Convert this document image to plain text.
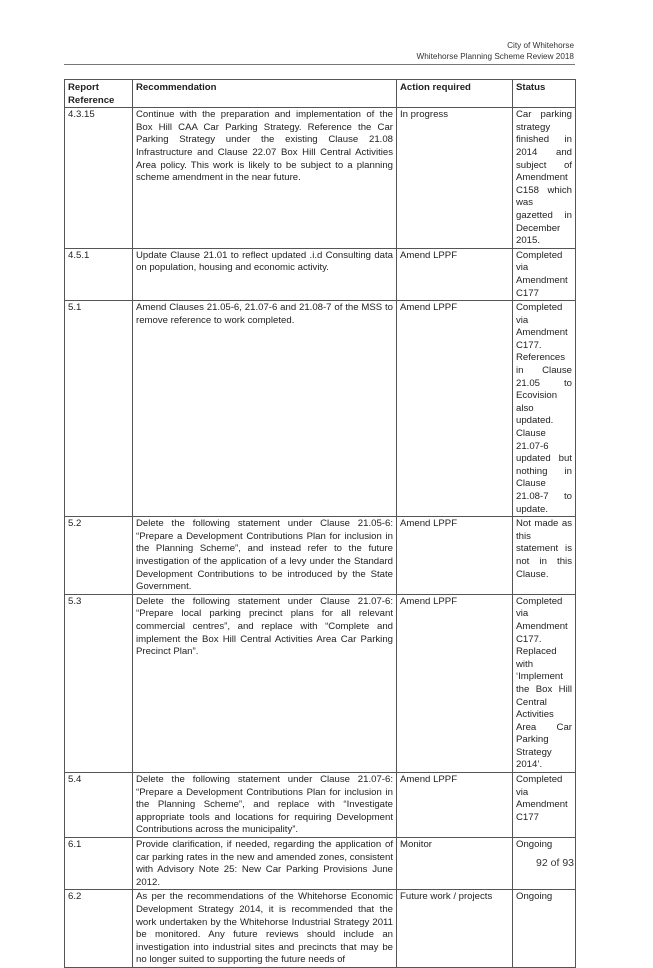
City of Whitehorse
Whitehorse Planning Scheme Review 2018
Report Reference	Recommendation	Action required	Status
4.3.15	Continue with the preparation and implementation of the Box Hill CAA Car Parking Strategy. Reference the Car Parking Strategy under the existing Clause 21.08 Infrastructure and Clause 22.07 Box Hill Central Activities Area policy. This work is likely to be subject to a planning scheme amendment in the near future.	In progress	Car parking strategy finished in 2014 and subject of Amendment C158 which was gazetted in December 2015.
4.5.1	Update Clause 21.01 to reflect updated .i.d Consulting data on population, housing and economic activity.	Amend LPPF	Completed via Amendment C177
5.1	Amend Clauses 21.05-6, 21.07-6 and 21.08-7 of the MSS to remove reference to work completed.	Amend LPPF	Completed via Amendment C177. References in Clause 21.05 to Ecovision also updated. Clause 21.07-6 updated but nothing in Clause 21.08-7 to update.
5.2	Delete the following statement under Clause 21.05-6: “Prepare a Development Contributions Plan for inclusion in the Planning Scheme”, and instead refer to the future investigation of the application of a levy under the Standard Development Contributions to be introduced by the State Government.	Amend LPPF	Not made as this statement is not in this Clause.
5.3	Delete the following statement under Clause 21.07-6: “Prepare local parking precinct plans for all relevant commercial centres”, and replace with “Complete and implement the Box Hill Central Activities Area Car Parking Precinct Plan”.	Amend LPPF	Completed via Amendment C177. Replaced with ‘Implement the Box Hill Central Activities Area Car Parking Strategy 2014’.
5.4	Delete the following statement under Clause 21.07-6: “Prepare a Development Contributions Plan for inclusion in the Planning Scheme”, and replace with “Investigate appropriate tools and locations for requiring Development Contributions across the municipality”.	Amend LPPF	Completed via Amendment C177
6.1	Provide clarification, if needed, regarding the application of car parking rates in the new and amended zones, consistent with Advisory Note 25: New Car Parking Provisions June 2012.	Monitor	Ongoing
6.2	As per the recommendations of the Whitehorse Economic Development Strategy 2014, it is recommended that the work undertaken by the Whitehorse Industrial Strategy 2011 be monitored. Any future reviews should include an investigation into industrial sites and precincts that may be no longer suited to supporting the future needs of	Future work / projects	Ongoing
92 of 93
